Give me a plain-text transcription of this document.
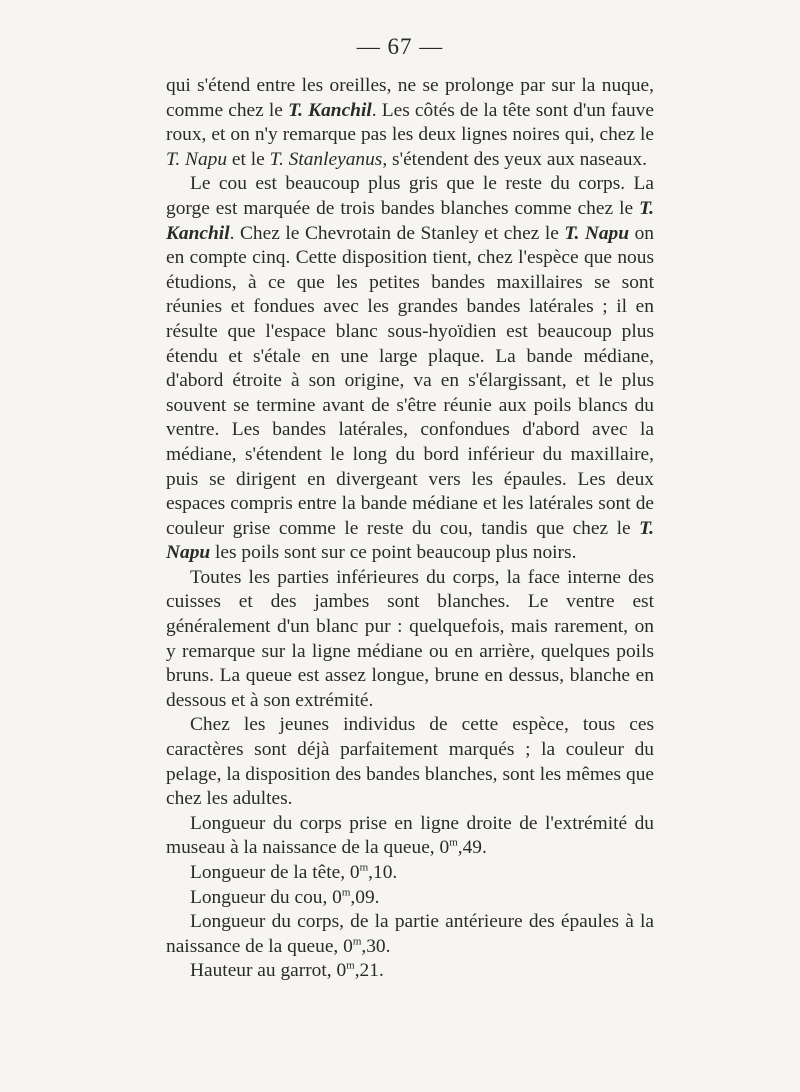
— 67 —

qui s'étend entre les oreilles, ne se prolonge par sur la nuque, comme chez le T. Kanchil. Les côtés de la tête sont d'un fauve roux, et on n'y remarque pas les deux lignes noires qui, chez le T. Napu et le T. Stanleyanus, s'étendent des yeux aux naseaux.

Le cou est beaucoup plus gris que le reste du corps. La gorge est marquée de trois bandes blanches comme chez le T. Kanchil. Chez le Chevrotain de Stanley et chez le T. Napu on en compte cinq. Cette disposition tient, chez l'espèce que nous étudions, à ce que les petites bandes maxillaires se sont réunies et fondues avec les grandes bandes latérales ; il en résulte que l'espace blanc sous-hyoïdien est beaucoup plus étendu et s'étale en une large plaque. La bande médiane, d'abord étroite à son origine, va en s'élargissant, et le plus souvent se termine avant de s'être réunie aux poils blancs du ventre. Les bandes latérales, confondues d'abord avec la médiane, s'étendent le long du bord inférieur du maxillaire, puis se dirigent en divergeant vers les épaules. Les deux espaces compris entre la bande médiane et les latérales sont de couleur grise comme le reste du cou, tandis que chez le T. Napu les poils sont sur ce point beaucoup plus noirs.

Toutes les parties inférieures du corps, la face interne des cuisses et des jambes sont blanches. Le ventre est généralement d'un blanc pur : quelquefois, mais rarement, on y remarque sur la ligne médiane ou en arrière, quelques poils bruns. La queue est assez longue, brune en dessus, blanche en dessous et à son extrémité.

Chez les jeunes individus de cette espèce, tous ces caractères sont déjà parfaitement marqués ; la couleur du pelage, la disposition des bandes blanches, sont les mêmes que chez les adultes.

Longueur du corps prise en ligne droite de l'extrémité du museau à la naissance de la queue, 0$^m$,49.

Longueur de la tête, 0$^m$,10.

Longueur du cou, 0$^m$,09.

Longueur du corps, de la partie antérieure des épaules à la naissance de la queue, 0$^m$,30.

Hauteur au garrot, 0$^m$,21.
